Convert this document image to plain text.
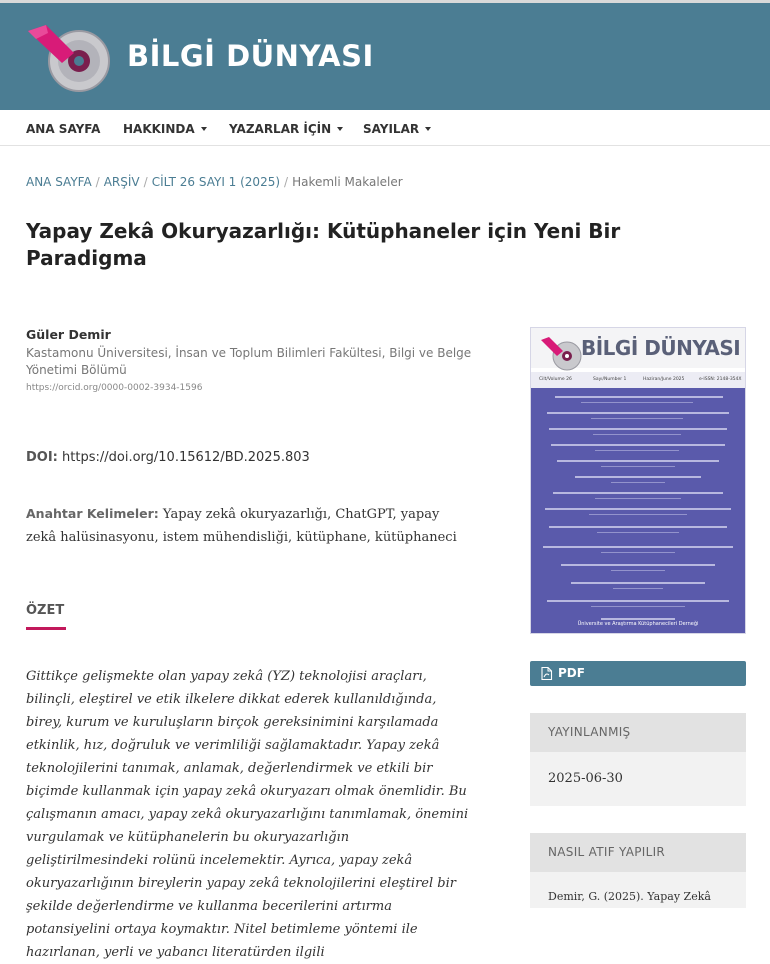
BİLGİ DÜNYASI
ANA SAYFA HAKKINDA	YAZARLAR İÇİN	SAYILAR
ANA SAYFA / ARŞİV / CİLT 26 SAYI 1 (2025) / Hakemli Makaleler
Yapay Zekâ Okuryazarlığı: Kütüphaneler için Yeni Bir Paradigma
Güler Demir
Kastamonu Üniversitesi, İnsan ve Toplum Bilimleri Fakültesi, Bilgi ve Belge Yönetimi Bölümü
https://orcid.org/0000-0002-3934-1596
DOI: https://doi.org/10.15612/BD.2025.803
Anahtar Kelimeler: Yapay zekâ okuryazarlığı, ChatGPT, yapay zekâ halüsinasyonu, istem mühendisliği, kütüphane, kütüphaneci
ÖZET
Gittikçe gelişmekte olan yapay zekâ (YZ) teknolojisi araçları, bilinçli, eleştirel ve etik ilkelere dikkat ederek kullanıldığında, birey, kurum ve kuruluşların birçok gereksinimini karşılamada etkinlik, hız, doğruluk ve verimliliği sağlamaktadır. Yapay zekâ teknolojilerini tanımak, anlamak, değerlendirmek ve etkili bir biçimde kullanmak için yapay zekâ okuryazarı olmak önemlidir. Bu çalışmanın amacı, yapay zekâ okuryazarlığını tanımlamak, önemini vurgulamak ve kütüphanelerin bu okuryazarlığın geliştirilmesindeki rolünü incelemektir. Ayrıca, yapay zekâ okuryazarlığının bireylerin yapay zekâ teknolojilerini eleştirel bir şekilde değerlendirme ve kullanma becerilerini artırma potansiyelini ortaya koymaktır. Nitel betimleme yöntemi ile hazırlanan, yerli ve yabancı literatürden ilgili
BİLGİ DÜNYASI
Cilt/Volume 26	Sayı/Number 1	Haziran/June 2025	e-ISSN: 2148-354X
Üniversite ve Araştırma Kütüphanecileri Derneği
PDF
YAYINLANMIŞ
2025-06-30
NASIL ATIF YAPILIR
Demir, G. (2025). Yapay Zekâ
